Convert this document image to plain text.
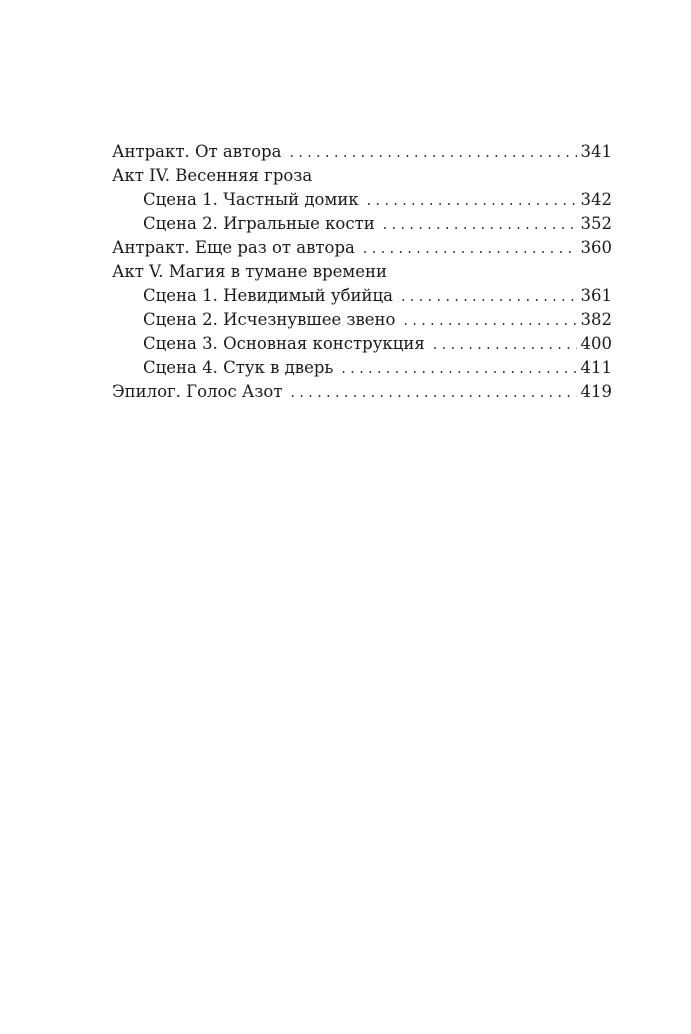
Антракт. От автора . . .	341
Акт IV. Весенняя гроза
Сцена 1. Частный домик . . .	342
Сцена 2. Игральные кости . . .	352
Антракт. Еще раз от автора . . .	360
Акт V. Магия в тумане времени
Сцена 1. Невидимый убийца . . .	361
Сцена 2. Исчезнувшее звено . . .	382
Сцена 3. Основная конструкция . . .	400
Сцена 4. Стук в дверь . . .	411
Эпилог. Голос Азот . . .	419
